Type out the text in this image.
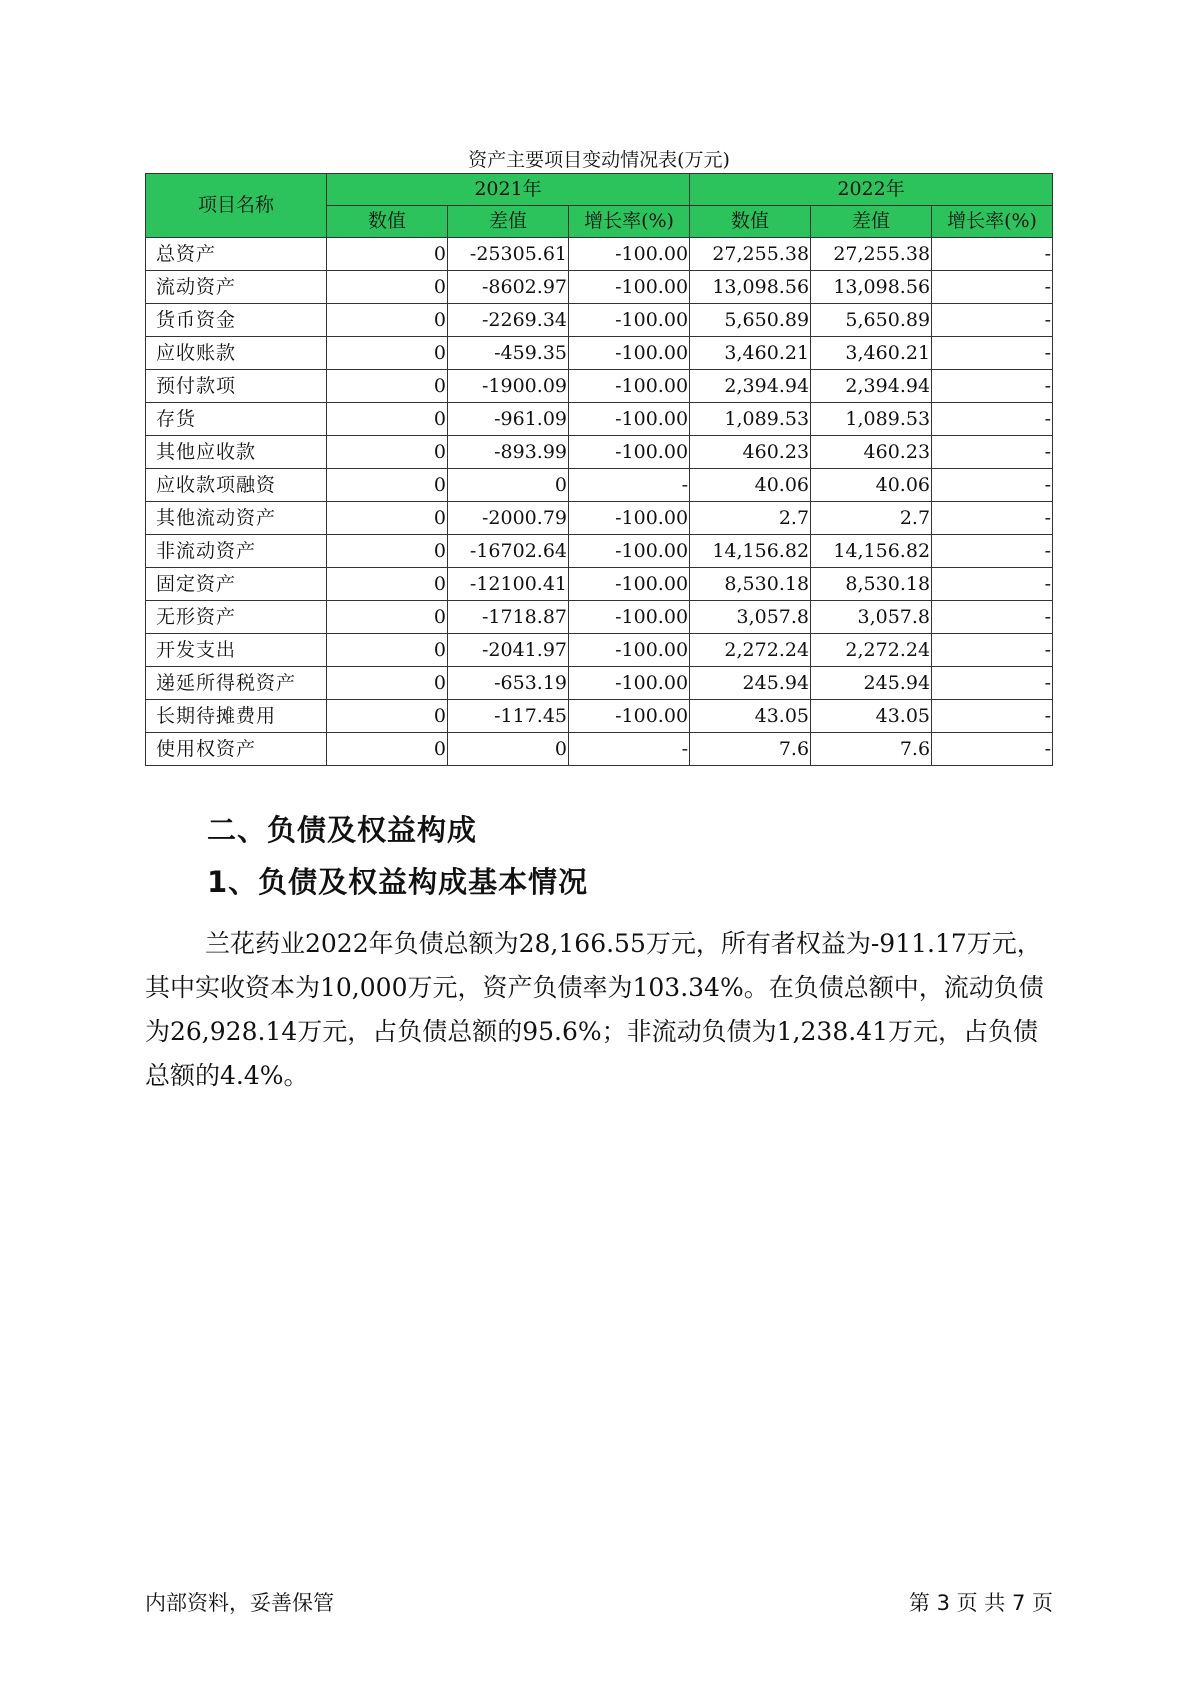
资产主要项目变动情况表(万元)
项目名称	2021年			2022年		
	数值	差值	增长率(%)	数值	差值	增长率(%)
总资产	0	-25305.61	-100.00	27,255.38	27,255.38	-
流动资产	0	-8602.97	-100.00	13,098.56	13,098.56	-
货币资金	0	-2269.34	-100.00	5,650.89	5,650.89	-
应收账款	0	-459.35	-100.00	3,460.21	3,460.21	-
预付款项	0	-1900.09	-100.00	2,394.94	2,394.94	-
存货	0	-961.09	-100.00	1,089.53	1,089.53	-
其他应收款	0	-893.99	-100.00	460.23	460.23	-
应收款项融资	0	0	-	40.06	40.06	-
其他流动资产	0	-2000.79	-100.00	2.7	2.7	-
非流动资产	0	-16702.64	-100.00	14,156.82	14,156.82	-
固定资产	0	-12100.41	-100.00	8,530.18	8,530.18	-
无形资产	0	-1718.87	-100.00	3,057.8	3,057.8	-
开发支出	0	-2041.97	-100.00	2,272.24	2,272.24	-
递延所得税资产	0	-653.19	-100.00	245.94	245.94	-
长期待摊费用	0	-117.45	-100.00	43.05	43.05	-
使用权资产	0	0	-	7.6	7.6	-
二、负债及权益构成
1、负债及权益构成基本情况

兰花药业2022年负债总额为28,166.55万元，所有者权益为-911.17万元，其中实收资本为10,000万元，资产负债率为103.34%。在负债总额中，流动负债为26,928.14万元，占负债总额的95.6%；非流动负债为1,238.41万元，占负债总额的4.4%。

内部资料，妥善保管	第 3 页 共 7 页
